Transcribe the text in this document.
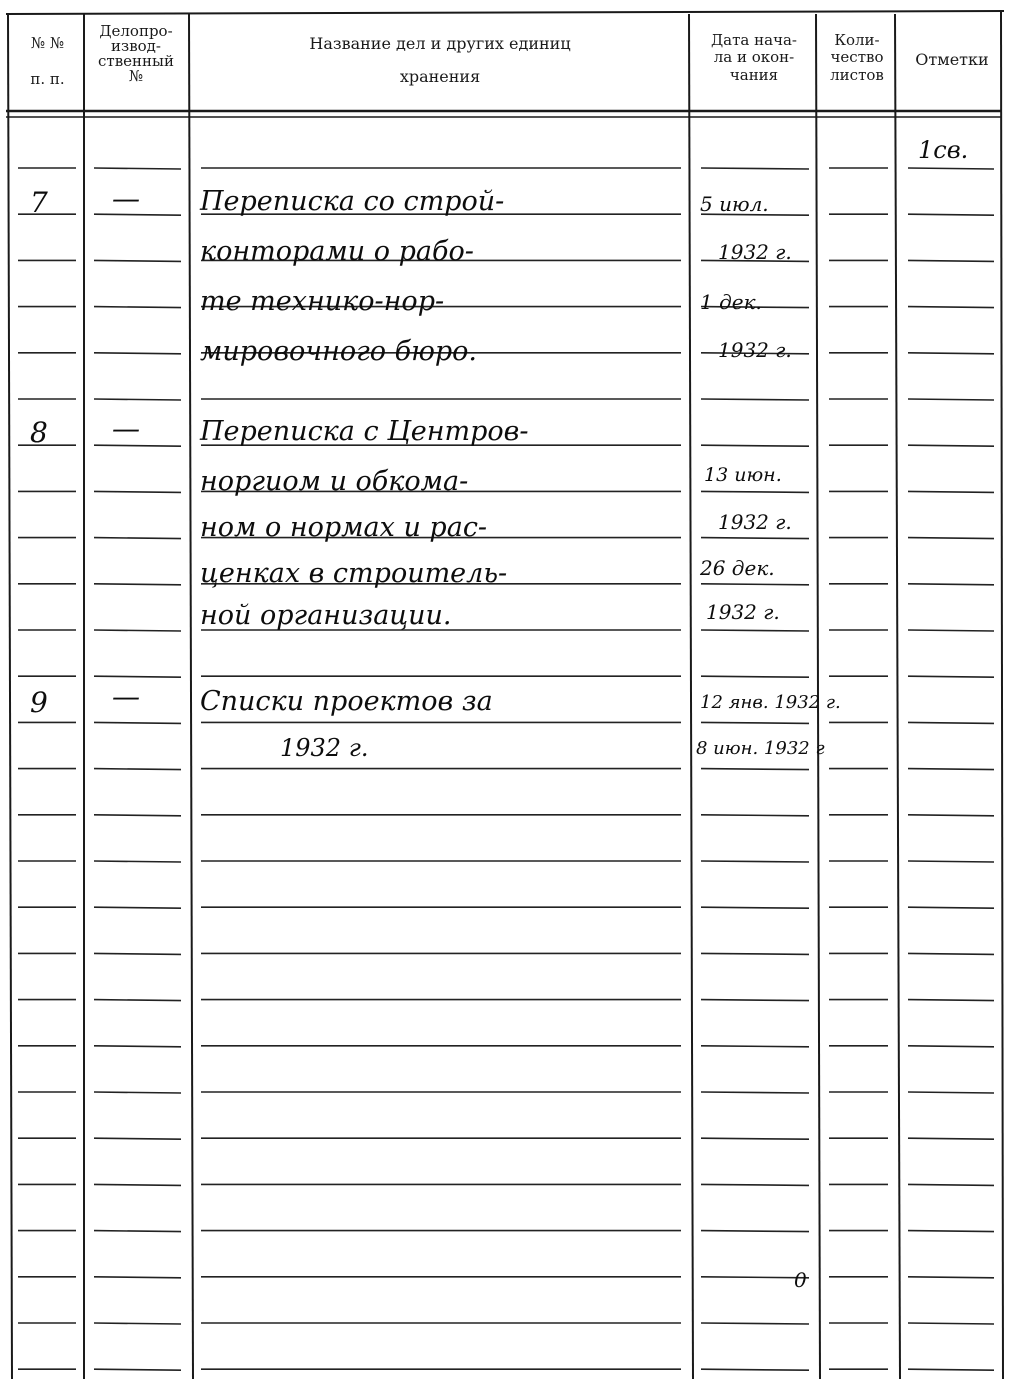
№ №
п. п.
Делопро-
извод-
ственный
№
Название дел и других единиц
хранения
Дата нача-
ла и окон-
чания
Коли-
чество
листов
Отметки
1св.
7 — Переписка со строй-
конторами о рабо-
те технико-нор-
мировочного бюро.
5 июл.
1932 г.
1 дек.
1932 г.
8 — Переписка с Центров-
норгиом и обкома-
ном о нормах и рас-
ценках в строитель-
ной организации.
13 июн.
1932 г.
26 дек.
1932 г.
9 — Списки проектов за
1932 г.
12 янв. 1932 г.
8 июн. 1932 г
0
